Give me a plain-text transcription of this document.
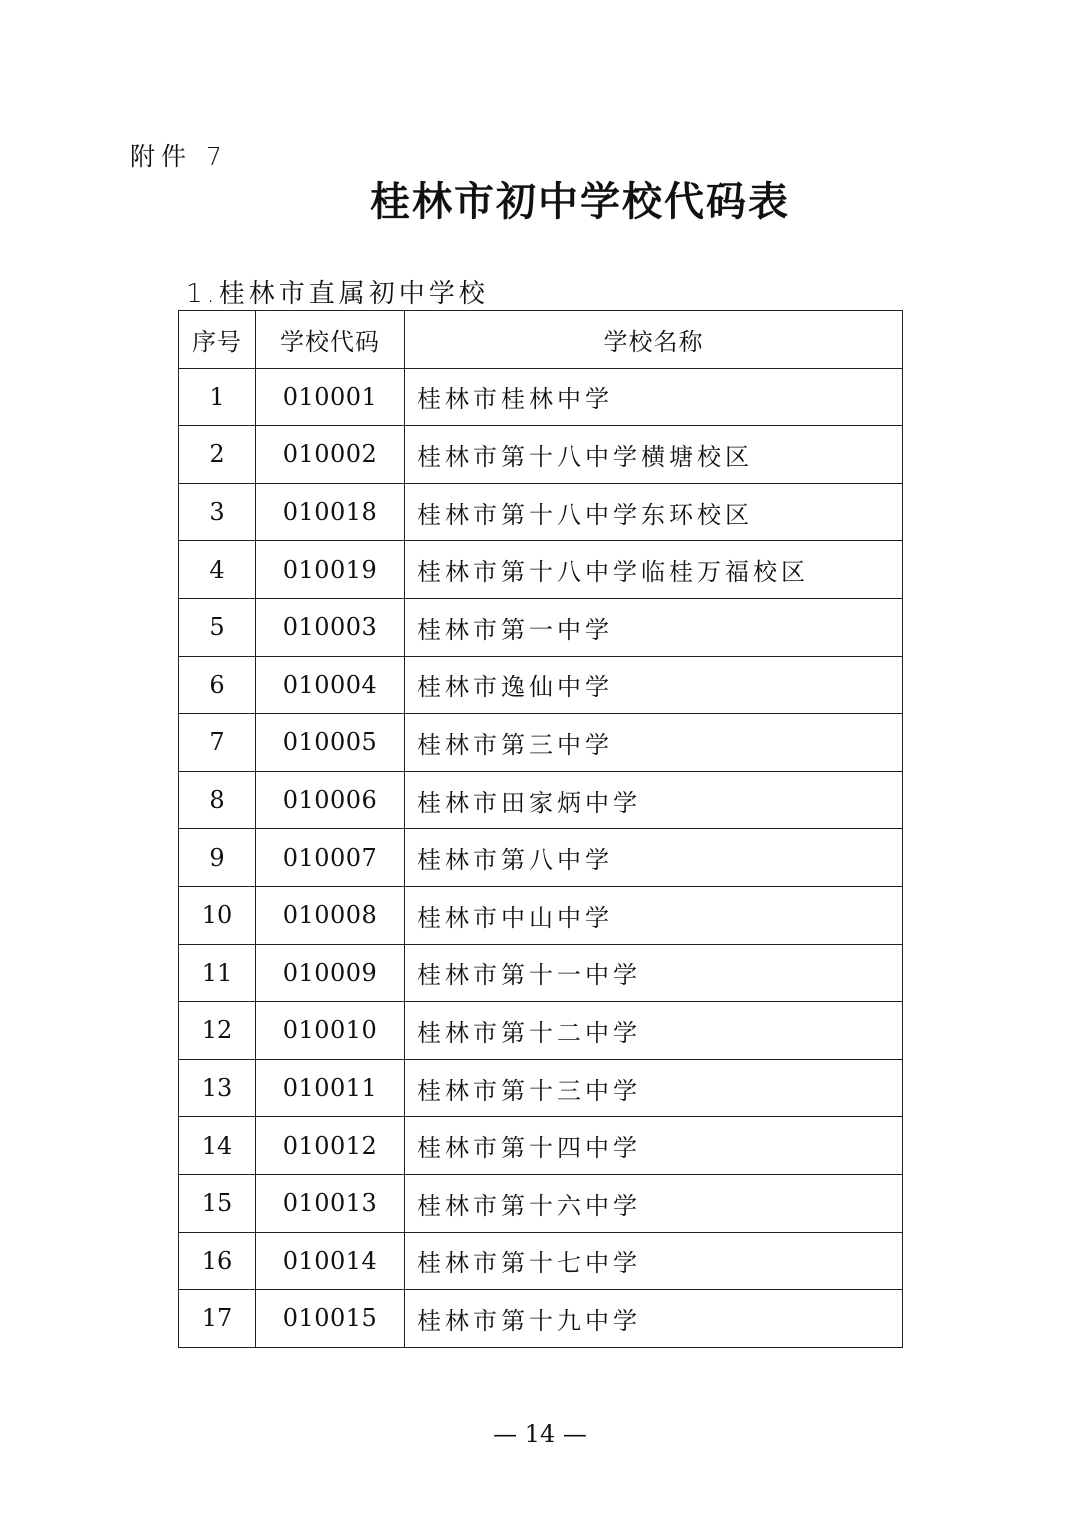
附件 7
桂林市初中学校代码表
1.桂林市直属初中学校
序号	学校代码	学校名称
1	010001	桂林市桂林中学
2	010002	桂林市第十八中学横塘校区
3	010018	桂林市第十八中学东环校区
4	010019	桂林市第十八中学临桂万福校区
5	010003	桂林市第一中学
6	010004	桂林市逸仙中学
7	010005	桂林市第三中学
8	010006	桂林市田家炳中学
9	010007	桂林市第八中学
10	010008	桂林市中山中学
11	010009	桂林市第十一中学
12	010010	桂林市第十二中学
13	010011	桂林市第十三中学
14	010012	桂林市第十四中学
15	010013	桂林市第十六中学
16	010014	桂林市第十七中学
17	010015	桂林市第十九中学
— 14 —
